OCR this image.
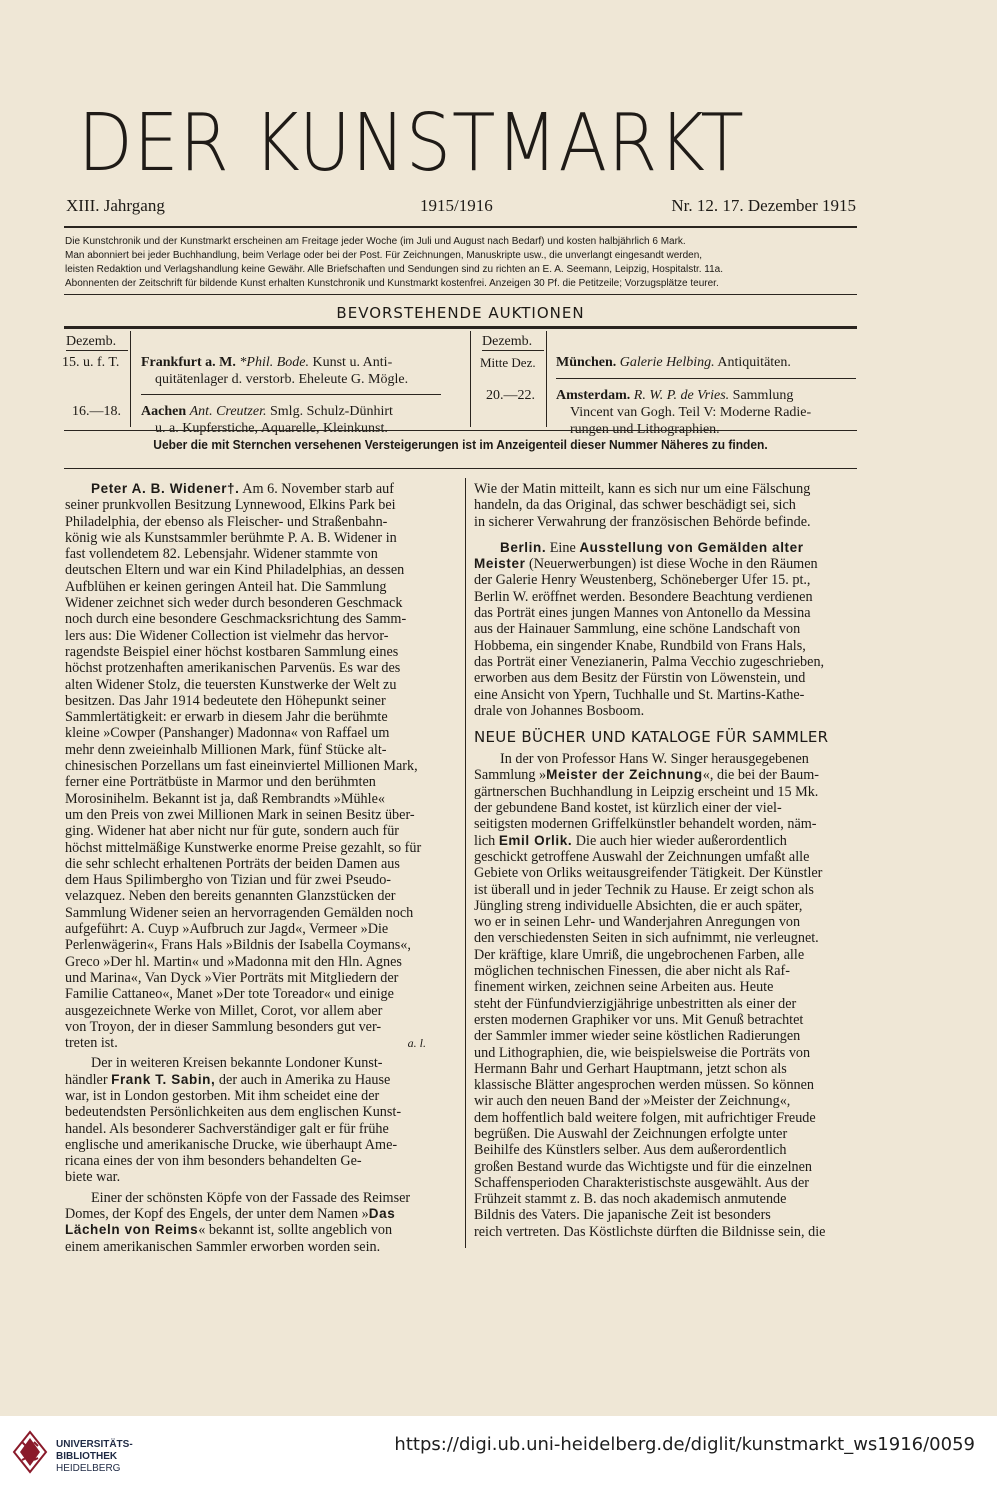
DER KUNSTMARKT
XIII. Jahrgang	1915/1916	Nr. 12. 17. Dezember 1915
Die Kunstchronik und der Kunstmarkt erscheinen am Freitage jeder Woche (im Juli und August nach Bedarf) und kosten halbjährlich 6 Mark.
Man abonniert bei jeder Buchhandlung, beim Verlage oder bei der Post. Für Zeichnungen, Manuskripte usw., die unverlangt eingesandt werden,
leisten Redaktion und Verlagshandlung keine Gewähr. Alle Briefschaften und Sendungen sind zu richten an E. A. Seemann, Leipzig, Hospitalstr. 11a.
Abonnenten der Zeitschrift für bildende Kunst erhalten Kunstchronik und Kunstmarkt kostenfrei. Anzeigen 30 Pf. die Petitzeile; Vorzugsplätze teurer.
BEVORSTEHENDE AUKTIONEN
Dezemb.
15. u. f. T.	Frankfurt a. M. *Phil. Bode. Kunst u. Anti-
quitätenlager d. verstorb. Eheleute G. Mögle.
16.—18.	Aachen Ant. Creutzer. Smlg. Schulz-Dünhirt
u. a. Kupferstiche, Aquarelle, Kleinkunst.
Dezemb.
Mitte Dez.	München. Galerie Helbing. Antiquitäten.
20.—22.	Amsterdam. R. W. P. de Vries. Sammlung
Vincent van Gogh. Teil V: Moderne Radie-
rungen und Lithographien.
Ueber die mit Sternchen versehenen Versteigerungen ist im Anzeigenteil dieser Nummer Näheres zu finden.

Peter A. B. Widener†. Am 6. November starb auf

seiner prunkvollen Besitzung Lynnewood, Elkins Park bei

Philadelphia, der ebenso als Fleischer- und Straßenbahn-

könig wie als Kunstsammler berühmte P. A. B. Widener in

fast vollendetem 82. Lebensjahr. Widener stammte von

deutschen Eltern und war ein Kind Philadelphias, an dessen

Aufblühen er keinen geringen Anteil hat. Die Sammlung

Widener zeichnet sich weder durch besonderen Geschmack

noch durch eine besondere Geschmacksrichtung des Samm-

lers aus: Die Widener Collection ist vielmehr das hervor-

ragendste Beispiel einer höchst kostbaren Sammlung eines

höchst protzenhaften amerikanischen Parvenüs. Es war des

alten Widener Stolz, die teuersten Kunstwerke der Welt zu

besitzen. Das Jahr 1914 bedeutete den Höhepunkt seiner

Sammlertätigkeit: er erwarb in diesem Jahr die berühmte

kleine »Cowper (Panshanger) Madonna« von Raffael um

mehr denn zweieinhalb Millionen Mark, fünf Stücke alt-

chinesischen Porzellans um fast eineinviertel Millionen Mark,

ferner eine Porträtbüste in Marmor und den berühmten

Morosinihelm. Bekannt ist ja, daß Rembrandts »Mühle«

um den Preis von zwei Millionen Mark in seinen Besitz über-

ging. Widener hat aber nicht nur für gute, sondern auch für

höchst mittelmäßige Kunstwerke enorme Preise gezahlt, so für

die sehr schlecht erhaltenen Porträts der beiden Damen aus

dem Haus Spilimbergho von Tizian und für zwei Pseudo-

velazquez. Neben den bereits genannten Glanzstücken der

Sammlung Widener seien an hervorragenden Gemälden noch

aufgeführt: A. Cuyp »Aufbruch zur Jagd«, Vermeer »Die

Perlenwägerin«, Frans Hals »Bildnis der Isabella Coymans«,

Greco »Der hl. Martin« und »Madonna mit den Hln. Agnes

und Marina«, Van Dyck »Vier Porträts mit Mitgliedern der

Familie Cattaneo«, Manet »Der tote Toreador« und einige

ausgezeichnete Werke von Millet, Corot, vor allem aber

von Troyon, der in dieser Sammlung besonders gut ver-

treten ist.	a. l.

Der in weiteren Kreisen bekannte Londoner Kunst-

händler Frank T. Sabin, der auch in Amerika zu Hause

war, ist in London gestorben. Mit ihm scheidet eine der

bedeutendsten Persönlichkeiten aus dem englischen Kunst-

handel. Als besonderer Sachverständiger galt er für frühe

englische und amerikanische Drucke, wie überhaupt Ame-

ricana eines der von ihm besonders behandelten Ge-

biete war.

Einer der schönsten Köpfe von der Fassade des Reimser

Domes, der Kopf des Engels, der unter dem Namen »Das

Lächeln von Reims« bekannt ist, sollte angeblich von

einem amerikanischen Sammler erworben worden sein.

Wie der Matin mitteilt, kann es sich nur um eine Fälschung

handeln, da das Original, das schwer beschädigt sei, sich

in sicherer Verwahrung der französischen Behörde befinde.

Berlin. Eine Ausstellung von Gemälden alter

Meister (Neuerwerbungen) ist diese Woche in den Räumen

der Galerie Henry Weustenberg, Schöneberger Ufer 15. pt.,

Berlin W. eröffnet werden. Besondere Beachtung verdienen

das Porträt eines jungen Mannes von Antonello da Messina

aus der Hainauer Sammlung, eine schöne Landschaft von

Hobbema, ein singender Knabe, Rundbild von Frans Hals,

das Porträt einer Venezianerin, Palma Vecchio zugeschrieben,

erworben aus dem Besitz der Fürstin von Löwenstein, und

eine Ansicht von Ypern, Tuchhalle und St. Martins-Kathe-

drale von Johannes Bosboom.

NEUE BÜCHER UND KATALOGE FÜR SAMMLER

In der von Professor Hans W. Singer herausgegebenen

Sammlung »Meister der Zeichnung«, die bei der Baum-

gärtnerschen Buchhandlung in Leipzig erscheint und 15 Mk.

der gebundene Band kostet, ist kürzlich einer der viel-

seitigsten modernen Griffelkünstler behandelt worden, näm-

lich Emil Orlik. Die auch hier wieder außerordentlich

geschickt getroffene Auswahl der Zeichnungen umfaßt alle

Gebiete von Orliks weitausgreifender Tätigkeit. Der Künstler

ist überall und in jeder Technik zu Hause. Er zeigt schon als

Jüngling streng individuelle Absichten, die er auch später,

wo er in seinen Lehr- und Wanderjahren Anregungen von

den verschiedensten Seiten in sich aufnimmt, nie verleugnet.

Der kräftige, klare Umriß, die ungebrochenen Farben, alle

möglichen technischen Finessen, die aber nicht als Raf-

finement wirken, zeichnen seine Arbeiten aus. Heute

steht der Fünfundvierzigjährige unbestritten als einer der

ersten modernen Graphiker vor uns. Mit Genuß betrachtet

der Sammler immer wieder seine köstlichen Radierungen

und Lithographien, die, wie beispielsweise die Porträts von

Hermann Bahr und Gerhart Hauptmann, jetzt schon als

klassische Blätter angesprochen werden müssen. So können

wir auch den neuen Band der »Meister der Zeichnung«,

dem hoffentlich bald weitere folgen, mit aufrichtiger Freude

begrüßen. Die Auswahl der Zeichnungen erfolgte unter

Beihilfe des Künstlers selber. Aus dem außerordentlich

großen Bestand wurde das Wichtigste und für die einzelnen

Schaffensperioden Charakteristischste ausgewählt. Aus der

Frühzeit stammt z. B. das noch akademisch anmutende

Bildnis des Vaters. Die japanische Zeit ist besonders

reich vertreten. Das Köstlichste dürften die Bildnisse sein, die

UNIVERSITÄTS-
BIBLIOTHEK
HEIDELBERG
https://digi.ub.uni-heidelberg.de/diglit/kunstmarkt_ws1916/0059
